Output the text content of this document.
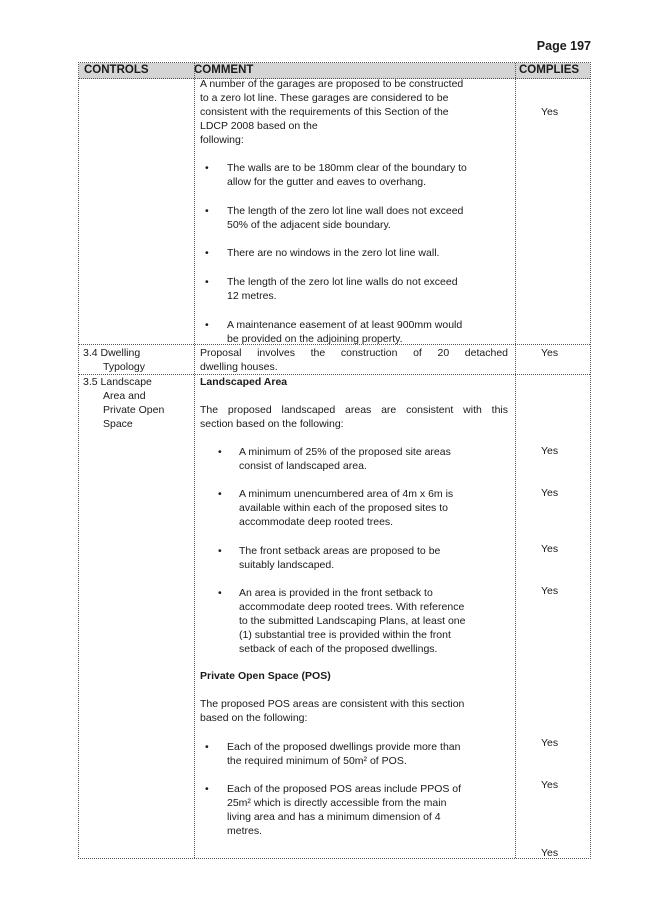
Page 197
CONTROLS	COMMENT	COMPLIES
A number of the garages are proposed to be constructed
to a zero lot line. These garages are considered to be
consistent with the requirements of this Section of the
LDCP 2008 based on the
following:
Yes
• The walls are to be 180mm clear of the boundary to
allow for the gutter and eaves to overhang.
• The length of the zero lot line wall does not exceed
50% of the adjacent side boundary.
• There are no windows in the zero lot line wall.
• The length of the zero lot line walls do not exceed
12 metres.
• A maintenance easement of at least 900mm would
be provided on the adjoining property.
3.4 Dwelling
Typology
Proposal involves the construction of 20 detached
dwelling houses.
Yes
3.5 Landscape
Area and
Private Open
Space
Landscaped Area
The proposed landscaped areas are consistent with this
section based on the following:
• A minimum of 25% of the proposed site areas
consist of landscaped area.
Yes
• A minimum unencumbered area of 4m x 6m is
available within each of the proposed sites to
accommodate deep rooted trees.
Yes
• The front setback areas are proposed to be
suitably landscaped.
Yes
• An area is provided in the front setback to
accommodate deep rooted trees. With reference
to the submitted Landscaping Plans, at least one
(1) substantial tree is provided within the front
setback of each of the proposed dwellings.
Yes
Private Open Space (POS)
The proposed POS areas are consistent with this section
based on the following:
• Each of the proposed dwellings provide more than
the required minimum of 50m² of POS.
Yes
• Each of the proposed POS areas include PPOS of
25m² which is directly accessible from the main
living area and has a minimum dimension of 4
metres.
Yes
Yes
